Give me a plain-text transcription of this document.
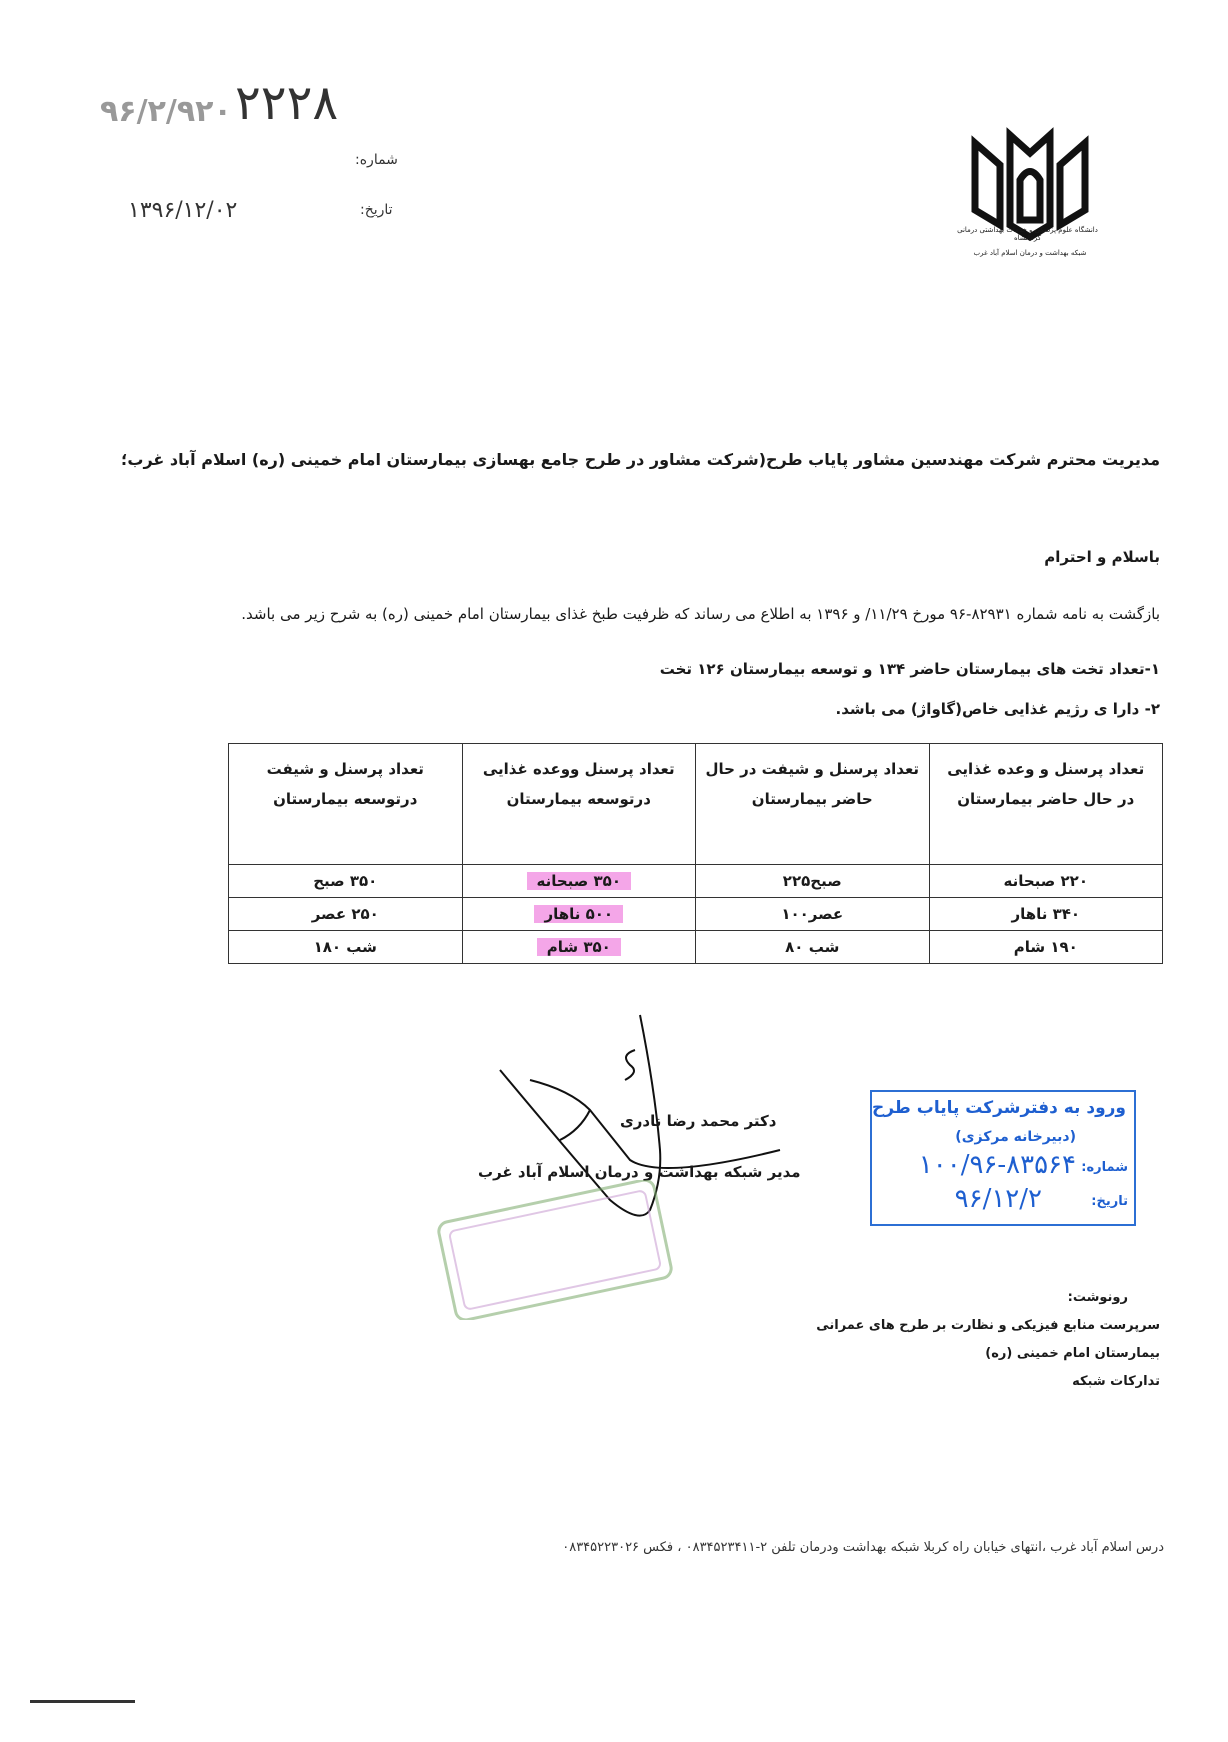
دانشگاه علوم پزشکی و خدمات بهداشتی درمانی کرمانشاه
شبکه بهداشت و درمان اسلام آباد غرب
۹۶/۲/۹۲۰ ۲۲۲۸
شماره:
تاریخ:
۱۳۹۶/۱۲/۰۲
مدیریت محترم شرکت مهندسین مشاور پایاب طرح(شرکت مشاور در طرح جامع بهسازی بیمارستان امام خمینی (ره) اسلام آباد غرب؛
باسلام و احترام
بازگشت به نامه شماره ۸۲۹۳۱-۹۶ مورخ ۱۱/۲۹/ و ۱۳۹۶ به اطلاع می رساند که ظرفیت طبخ غذای بیمارستان امام خمینی (ره) به شرح زیر می باشد.
۱-تعداد تخت های بیمارستان حاضر ۱۳۴ و توسعه بیمارستان ۱۲۶ تخت
۲- دارا ی رژیم غذایی خاص(گاواژ) می باشد.
تعداد پرسنل و وعده غذایی در حال حاضر بیمارستان	تعداد پرسنل و شیفت در حال حاضر بیمارستان	تعداد پرسنل ووعده غذایی درتوسعه بیمارستان	تعداد پرسنل و شیفت درتوسعه بیمارستان
۲۲۰ صبحانه	صبح۲۲۵	۳۵۰ صبحانه	۳۵۰ صبح
۳۴۰ ناهار	عصر۱۰۰	۵۰۰ ناهار	۲۵۰ عصر
۱۹۰ شام	شب ۸۰	۳۵۰ شام	شب ۱۸۰
دکتر محمد رضا نادری
مدیر شبکه بهداشت و درمان اسلام آباد غرب
ورود به دفترشرکت پایاب طرح
(دبیرخانه مرکزی)
شماره:
۱۰۰/۹۶-۸۳۵۶۴
تاریخ:
۹۶/۱۲/۲
رونوشت:
سرپرست منابع فیزیکی و نظارت بر طرح های عمرانی
بیمارستان امام خمینی (ره)
تدارکات شبکه
درس اسلام آباد غرب ،انتهای خیابان راه کربلا شبکه بهداشت ودرمان تلفن ۲-۰۸۳۴۵۲۳۴۱۱ ، فکس ۰۸۳۴۵۲۲۳۰۲۶
